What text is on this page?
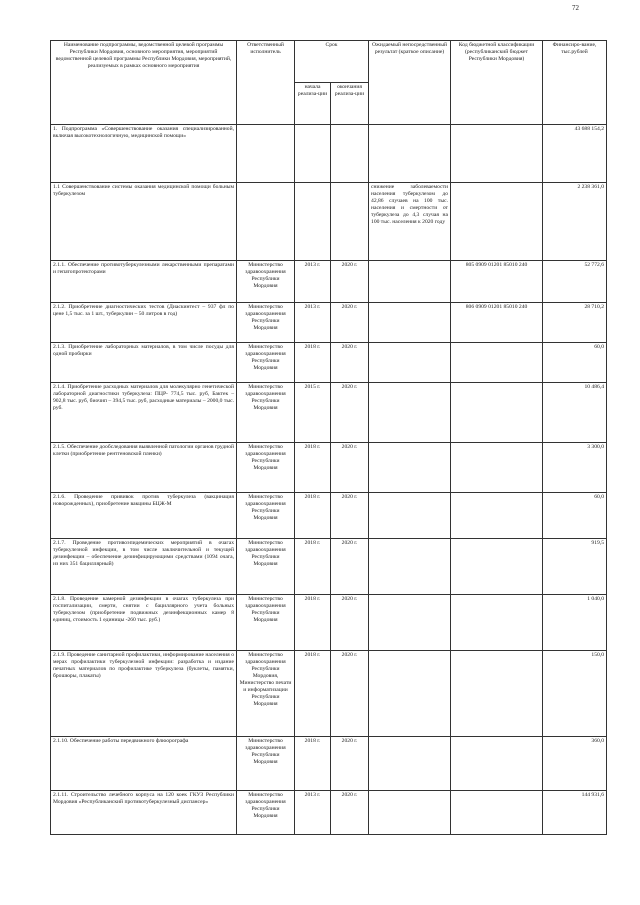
72
Наименование подпрограммы, ведомственной целевой программы Республики Мордовия, основного мероприятия, мероприятий ведомственной целевой программы Республики Мордовия, мероприятий, реализуемых в рамках основного мероприятия	Ответственный исполнитель	Срок		Ожидаемый непосредственный результат (краткое описание)	Код бюджетной классификации (республиканский бюджет Республики Мордовия)	Финансиро-вание, тыс.рублей
		начала реализа-ции	окончания реализа-ции			
1. Подпрограмма «Совершенствование оказания специализированной, включая высокотехнологичную, медицинской помощи»						43 688 154,2
1.1 Совершенствование системы оказания медицинской помощи больным туберкулезом				снижение заболеваемости населения туберкулезом до 42,86 случаев на 100 тыс. населения и смертности от туберкулеза до 4,3 случая на 100 тыс. населения к 2020 году		2 238 361,0
2.1.1. Обеспечение противотуберкулезными лекарственными препаратами и гепатопротекторами	Министерство здравоохранения Республики Мордовия	2013 г.	2020 г.		805 0909 01201 85010 240	52 772,6
2.1.2. Приобретение диагностических тестов (Диаскинтест – 937 фл по цене 1,5 тыс. за 1 шт., туберкулин – 50 литров в год)	Министерство здравоохранения Республики Мордовия	2013 г.	2020 г.		806 0909 01201 85010 240	28 710,2
2.1.3. Приобретение лабораторных материалов, в том числе посуды для одной пробирки	Министерство здравоохранения Республики Мордовия	2018 г.	2020 г.			60,0
2.1.4. Приобретение расходных материалов для молекулярно генетической лабораторной диагностики туберкулеза: ПЦР- 774,5 тыс. руб, Бактек – 902,8 тыс. руб, биочип – 394,5 тыс. руб, расходные материалы – 2000,0 тыс. руб.	Министерство здравоохранения Республики Мордовия	2015 г.	2020 г.			10 486,4
2.1.5. Обеспечение дообследования выявленной патологии органов грудной клетки (приобретение рентгеновской пленки)	Министерство здравоохранения Республики Мордовия	2018 г.	2020 г.			3 300,0
2.1.6. Проведение прививок против туберкулеза (вакцинация новорожденных), приобретение вакцины БЦЖ-М	Министерство здравоохранения Республики Мордовия	2018 г.	2020 г.			60,0
2.1.7. Проведение противоэпидемических мероприятий в очагах туберкулезной инфекции, в том числе заключительной и текущей дезинфекции – обеспечение дезинфицирующими средствами (1094 очага, из них 351 бациллярный)	Министерство здравоохранения Республики Мордовия	2018 г.	2020 г.			919,5
2.1.8. Проведение камерной дезинфекции в очагах туберкулеза при госпитализации, смерти, снятии с бациллярного учета больных туберкулезом (приобретение подвижных дезинфекционных камер 8 единиц, стоимость 1 единицы -260 тыс. руб.)	Министерство здравоохранения Республики Мордовия	2018 г.	2020 г.			1 040,0
2.1.9. Проведение санитарной профилактики, информирование населения о мерах профилактики туберкулезной инфекции: разработка и издание печатных материалов по профилактике туберкулеза (буклеты, памятки, брошюры, плакаты)	Министерство здравоохранения Республики Мордовия, Министерство печати и информатизации Республики Мордовия	2018 г.	2020 г.			150,0
2.1.10. Обеспечение работы передвижного флюорографа	Министерство здравоохранения Республики Мордовия	2018 г.	2020 г.			360,0
2.1.11. Строительство лечебного корпуса на 120 коек ГКУЗ Республики Мордовия «Республиканский противотуберкулезный диспансер»	Министерство здравоохранения Республики Мордовия	2013 г.	2020 г.			144 931,6
